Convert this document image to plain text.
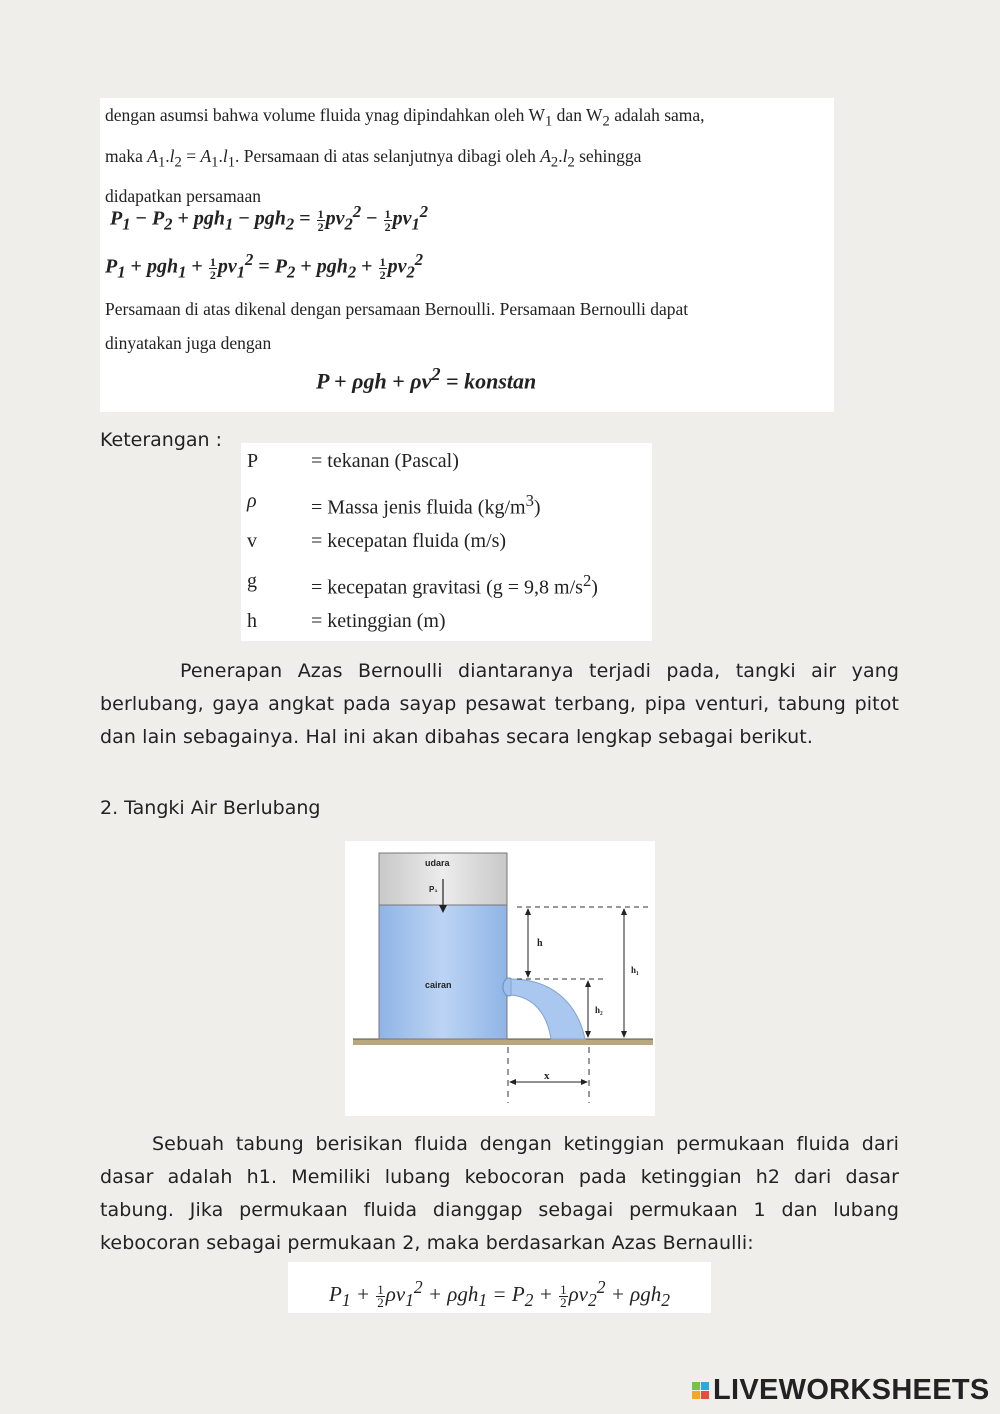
dengan asumsi bahwa volume fluida ynag dipindahkan oleh $W_1$ dan $W_2$ adalah sama,
maka $A_1.l_2 = A_1.l_1$. Persamaan di atas selanjutnya dibagi oleh $A_2.l_2$ sehingga
didapatkan persamaan
$P_1 - P_2 + pgh_1 - pgh_2 = \frac{1}{2} pv_2^2 - \frac{1}{2} pv_1^2$
$P_1 + pgh_1 + \frac{1}{2} pv_1^2 = P_2 + pgh_2 + \frac{1}{2} pv_2^2$
Persamaan di atas dikenal dengan persamaan Bernoulli. Persamaan Bernoulli dapat

dinyatakan juga dengan
$P + \rho gh + \rho v^2$ = konstan
Keterangan :
P	= tekanan (Pascal)
ρ	= Massa jenis fluida $(kg/m^3)$
v	= kecepatan fluida (m/s)
g	= kecepatan gravitasi (g = 9,8 $m/s^2$)
h	= ketinggian (m)
Penerapan Azas Bernoulli diantaranya terjadi pada, tangki air yang berlubang, gaya angkat pada sayap pesawat terbang, pipa venturi, tabung pitot dan lain sebagainya. Hal ini akan dibahas secara lengkap sebagai berikut.
2. Tangki Air Berlubang
udara
P₁
cairan
h
h₂
h₁
x
Sebuah tabung berisikan fluida dengan ketinggian permukaan fluida dari dasar adalah h1. Memiliki lubang kebocoran pada ketinggian h2 dari dasar tabung. Jika permukaan fluida dianggap sebagai permukaan 1 dan lubang kebocoran sebagai permukaan 2, maka berdasarkan Azas Bernaulli:
$P_1 + \frac{1}{2} \rho v_1^2 + \rho gh_1 = P_2 + \frac{1}{2} \rho v_2^2 + \rho gh_2$
LIVEWORKSHEETS
